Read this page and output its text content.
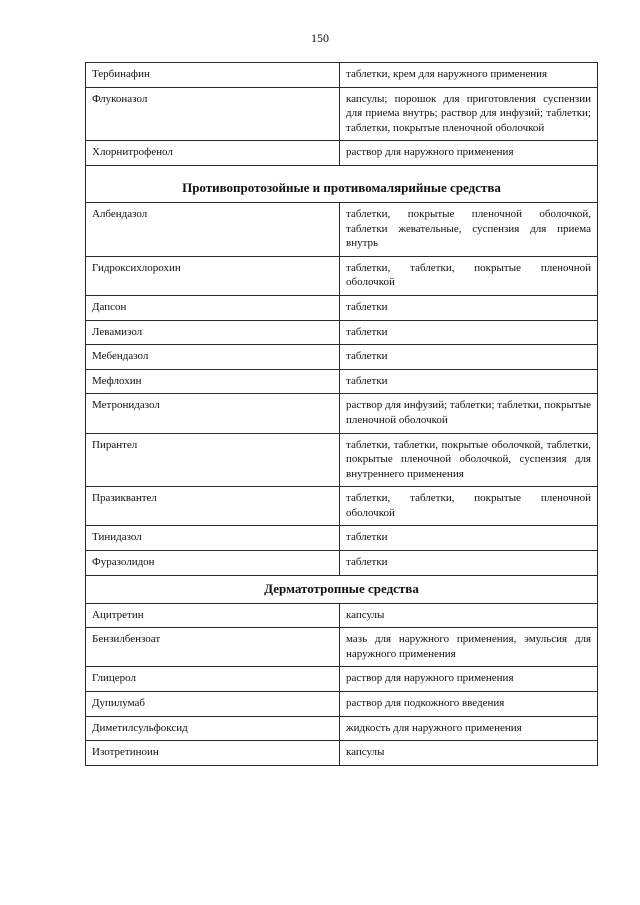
150
Тербинафин	таблетки, крем для наружного применения
Флуконазол	капсулы; порошок для приготовления суспензии для приема внутрь; раствор для инфузий; таблетки; таблетки, покрытые пленочной оболочкой
Хлорнитрофенол	раствор для наружного применения
Противопротозойные и противомалярийные средства	
Албендазол	таблетки, покрытые пленочной оболочкой, таблетки жевательные, суспензия для приема внутрь
Гидроксихлорохин	таблетки, таблетки, покрытые пленочной оболочкой
Дапсон	таблетки
Левамизол	таблетки
Мебендазол	таблетки
Мефлохин	таблетки
Метронидазол	раствор для инфузий; таблетки; таблетки, покрытые пленочной оболочкой
Пирантел	таблетки, таблетки, покрытые оболочкой, таблетки, покрытые пленочной оболочкой, суспензия для внутреннего применения
Празиквантел	таблетки, таблетки, покрытые пленочной оболочкой
Тинидазол	таблетки
Фуразолидон	таблетки
Дерматотропные средства	
Ацитретин	капсулы
Бензилбензоат	мазь для наружного применения, эмульсия для наружного применения
Глицерол	раствор для наружного применения
Дупилумаб	раствор для подкожного введения
Диметилсульфоксид	жидкость для наружного применения
Изотретиноин	капсулы
